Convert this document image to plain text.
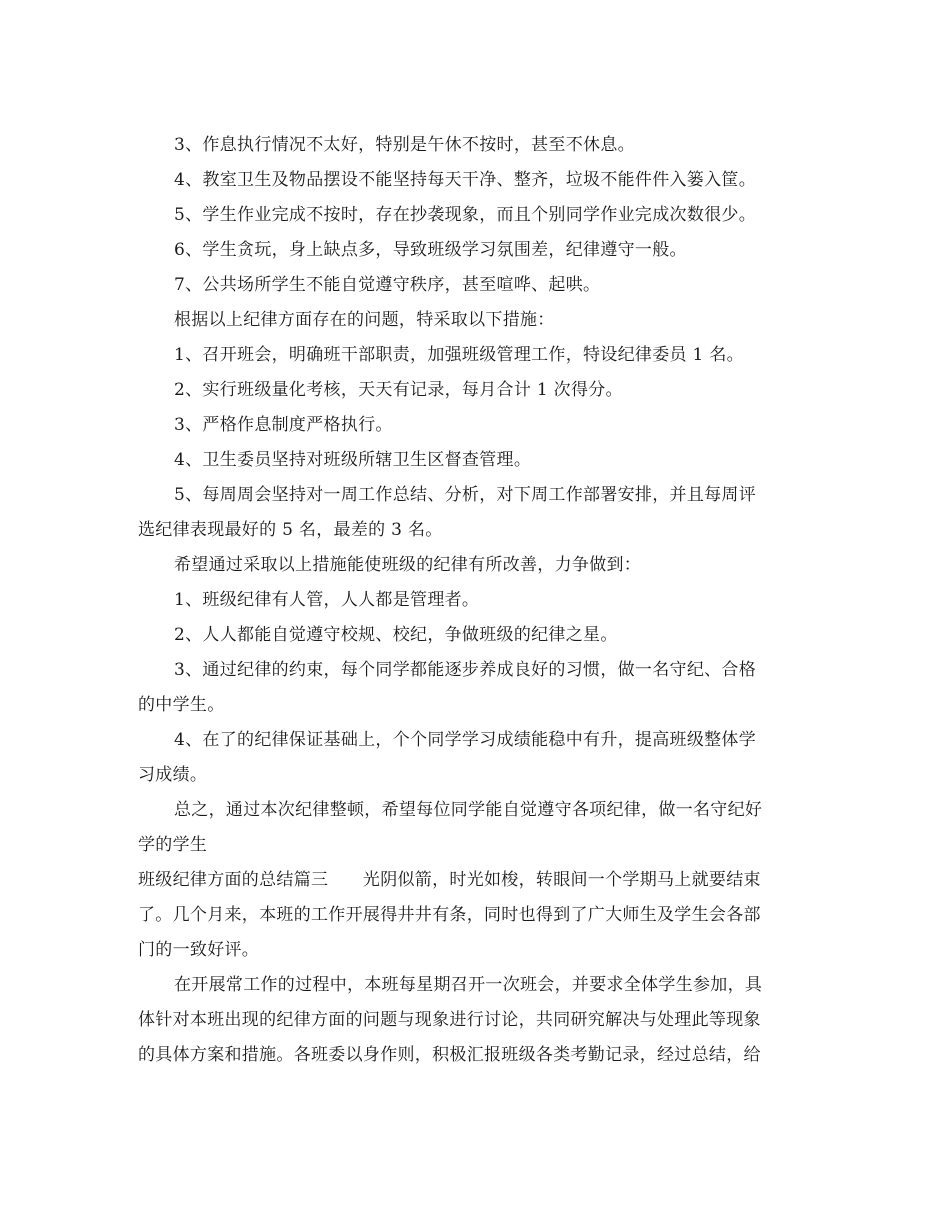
3、作息执行情况不太好，特别是午休不按时，甚至不休息。
4、教室卫生及物品摆设不能坚持每天干净、整齐，垃圾不能件件入篓入筐。
5、学生作业完成不按时，存在抄袭现象，而且个别同学作业完成次数很少。
6、学生贪玩，身上缺点多，导致班级学习氛围差，纪律遵守一般。
7、公共场所学生不能自觉遵守秩序，甚至喧哗、起哄。
根据以上纪律方面存在的问题，特采取以下措施：
1、召开班会，明确班干部职责，加强班级管理工作，特设纪律委员 1 名。
2、实行班级量化考核，天天有记录，每月合计 1 次得分。
3、严格作息制度严格执行。
4、卫生委员坚持对班级所辖卫生区督查管理。
5、每周周会坚持对一周工作总结、分析，对下周工作部署安排，并且每周评
选纪律表现最好的 5 名，最差的 3 名。
希望通过采取以上措施能使班级的纪律有所改善，力争做到：
1、班级纪律有人管，人人都是管理者。
2、人人都能自觉遵守校规、校纪，争做班级的纪律之星。
3、通过纪律的约束，每个同学都能逐步养成良好的习惯，做一名守纪、合格
的中学生。
4、在了的纪律保证基础上，个个同学学习成绩能稳中有升，提高班级整体学
习成绩。
总之，通过本次纪律整顿，希望每位同学能自觉遵守各项纪律，做一名守纪好
学的学生
班级纪律方面的总结篇三　　光阴似箭，时光如梭，转眼间一个学期马上就要结束
了。几个月来，本班的工作开展得井井有条，同时也得到了广大师生及学生会各部
门的一致好评。
在开展常工作的过程中，本班每星期召开一次班会，并要求全体学生参加，具
体针对本班出现的纪律方面的问题与现象进行讨论，共同研究解决与处理此等现象
的具体方案和措施。各班委以身作则，积极汇报班级各类考勤记录，经过总结，给
